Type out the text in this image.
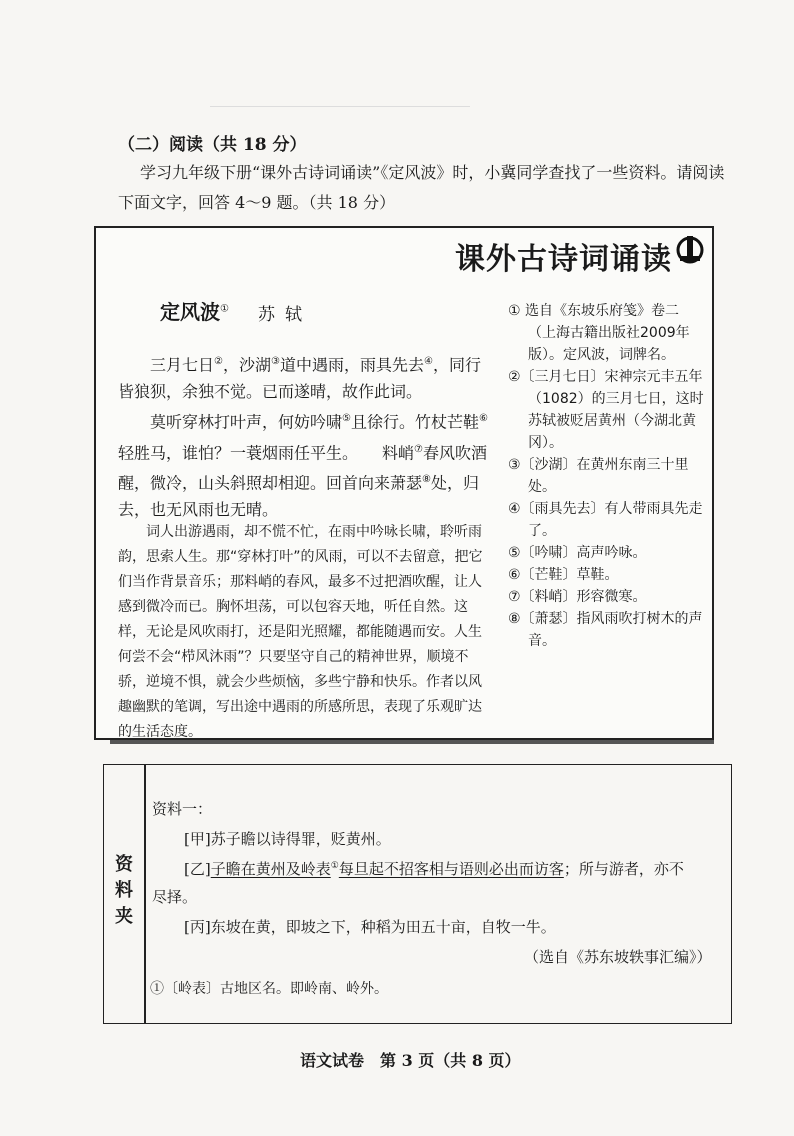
（二）阅读（共 18 分）
学习九年级下册“课外古诗词诵读”《定风波》时，小冀同学查找了一些资料。请阅读
下面文字，回答 4～9 题。（共 18 分）
课外古诗词诵读
定风波① 苏轼

三月七日②，沙湖③道中遇雨，雨具先去④，同行皆狼狈，余独不觉。已而遂晴，故作此词。

莫听穿林打叶声，何妨吟啸⑤且徐行。竹杖芒鞋⑥轻胜马，谁怕？一蓑烟雨任平生。　　料峭⑦春风吹酒醒，微冷，山头斜照却相迎。回首向来萧瑟⑧处，归去，也无风雨也无晴。

词人出游遇雨，却不慌不忙，在雨中吟咏长啸，聆听雨韵，思索人生。那“穿林打叶”的风雨，可以不去留意，把它们当作背景音乐；那料峭的春风，最多不过把酒吹醒，让人感到微冷而已。胸怀坦荡，可以包容天地，听任自然。这样，无论是风吹雨打，还是阳光照耀，都能随遇而安。人生何尝不会“栉风沐雨”？只要坚守自己的精神世界，顺境不骄，逆境不惧，就会少些烦恼，多些宁静和快乐。作者以风趣幽默的笔调，写出途中遇雨的所感所思，表现了乐观旷达的生活态度。

① 选自《东坡乐府笺》卷二（上海古籍出版社2009年版）。定风波，词牌名。

②〔三月七日〕宋神宗元丰五年（1082）的三月七日，这时苏轼被贬居黄州（今湖北黄冈）。

③〔沙湖〕在黄州东南三十里处。

④〔雨具先去〕有人带雨具先走了。

⑤〔吟啸〕高声吟咏。

⑥〔芒鞋〕草鞋。

⑦〔料峭〕形容微寒。

⑧〔萧瑟〕指风雨吹打树木的声音。

资
料
夹
资料一：
[甲]苏子瞻以诗得罪，贬黄州。
[乙]子瞻在黄州及岭表①每旦起不招客相与语则必出而访客；所与游者，亦不
尽择。
[丙]东坡在黄，即坡之下，种稻为田五十亩，自牧一牛。
（选自《苏东坡轶事汇编》）
①〔岭表〕古地区名。即岭南、岭外。
语文试卷　第 3 页（共 8 页）
